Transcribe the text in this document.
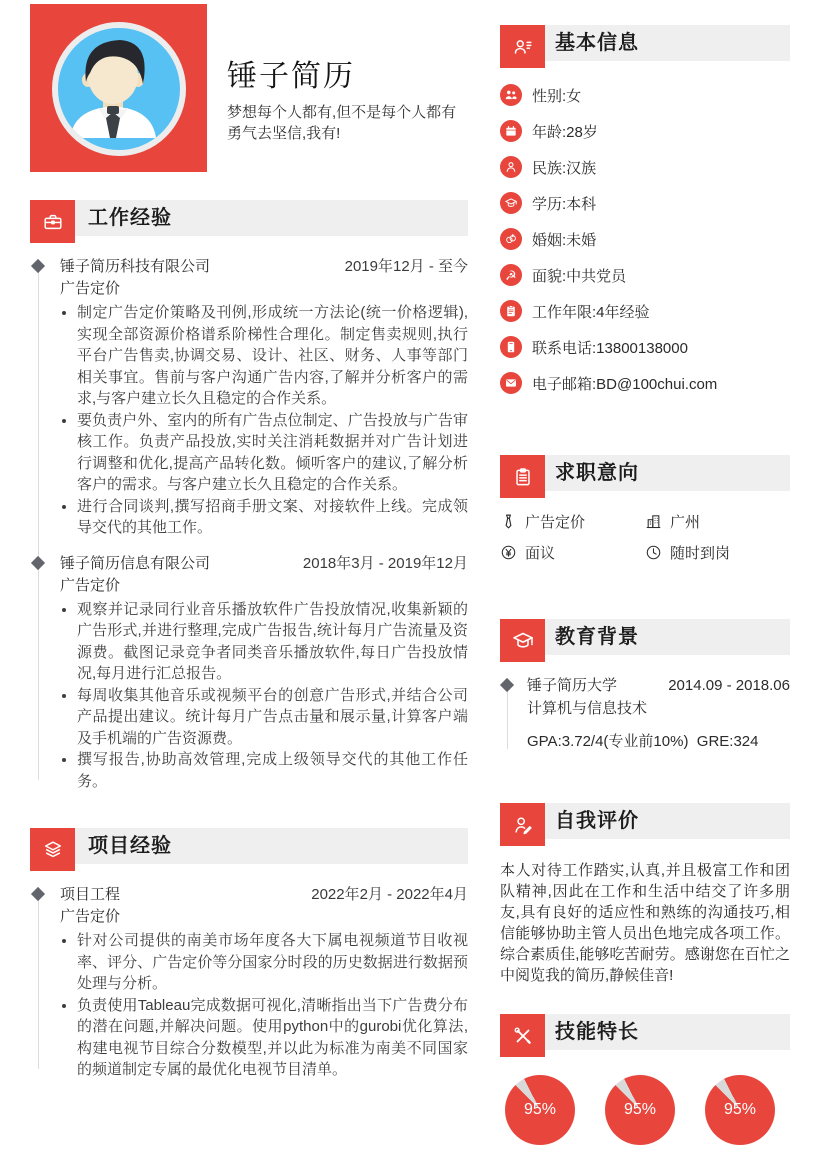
锤子简历
梦想每个人都有,但不是每个人都有勇气去坚信,我有!
工作经验
锤子简历科技有限公司	2019年12月 - 至今
广告定价
• 制定广告定价策略及刊例,形成统一方法论(统一价格逻辑),实现全部资源价格谱系阶梯性合理化。制定售卖规则,执行平台广告售卖,协调交易、设计、社区、财务、人事等部门相关事宜。售前与客户沟通广告内容,了解并分析客户的需求,与客户建立长久且稳定的合作关系。
• 要负责户外、室内的所有广告点位制定、广告投放与广告审核工作。负责产品投放,实时关注消耗数据并对广告计划进行调整和优化,提高产品转化数。倾听客户的建议,了解分析客户的需求。与客户建立长久且稳定的合作关系。
• 进行合同谈判,撰写招商手册文案、对接软件上线。完成领导交代的其他工作。
锤子简历信息有限公司	2018年3月 - 2019年12月
广告定价
• 观察并记录同行业音乐播放软件广告投放情况,收集新颖的广告形式,并进行整理,完成广告报告,统计每月广告流量及资源费。截图记录竞争者同类音乐播放软件,每日广告投放情况,每月进行汇总报告。
• 每周收集其他音乐或视频平台的创意广告形式,并结合公司产品提出建议。统计每月广告点击量和展示量,计算客户端及手机端的广告资源费。
• 撰写报告,协助高效管理,完成上级领导交代的其他工作任务。
项目经验
项目工程	2022年2月 - 2022年4月
广告定价
• 针对公司提供的南美市场年度各大下属电视频道节目收视率、评分、广告定价等分国家分时段的历史数据进行数据预处理与分析。
• 负责使用Tableau完成数据可视化,清晰指出当下广告费分布的潜在问题,并解决问题。使用python中的gurobi优化算法,构建电视节目综合分数模型,并以此为标准为南美不同国家的频道制定专属的最优化电视节目清单。
基本信息
性别:女
年龄:28岁
民族:汉族
学历:本科
婚姻:未婚
☭	面貌:中共党员
工作年限:4年经验
联系电话:13800138000
电子邮箱:BD@100chui.com
求职意向
广告定价	广州
面议	随时到岗
教育背景
锤子简历大学	2014.09 - 2018.06
计算机与信息技术
GPA:3.72/4(专业前10%)  GRE:324
自我评价
本人对待工作踏实,认真,并且极富工作和团队精神,因此在工作和生活中结交了许多朋友,具有良好的适应性和熟练的沟通技巧,相信能够协助主管人员出色地完成各项工作。综合素质佳,能够吃苦耐劳。感谢您在百忙之中阅览我的简历,静候佳音!
技能特长
95%	95%	95%
